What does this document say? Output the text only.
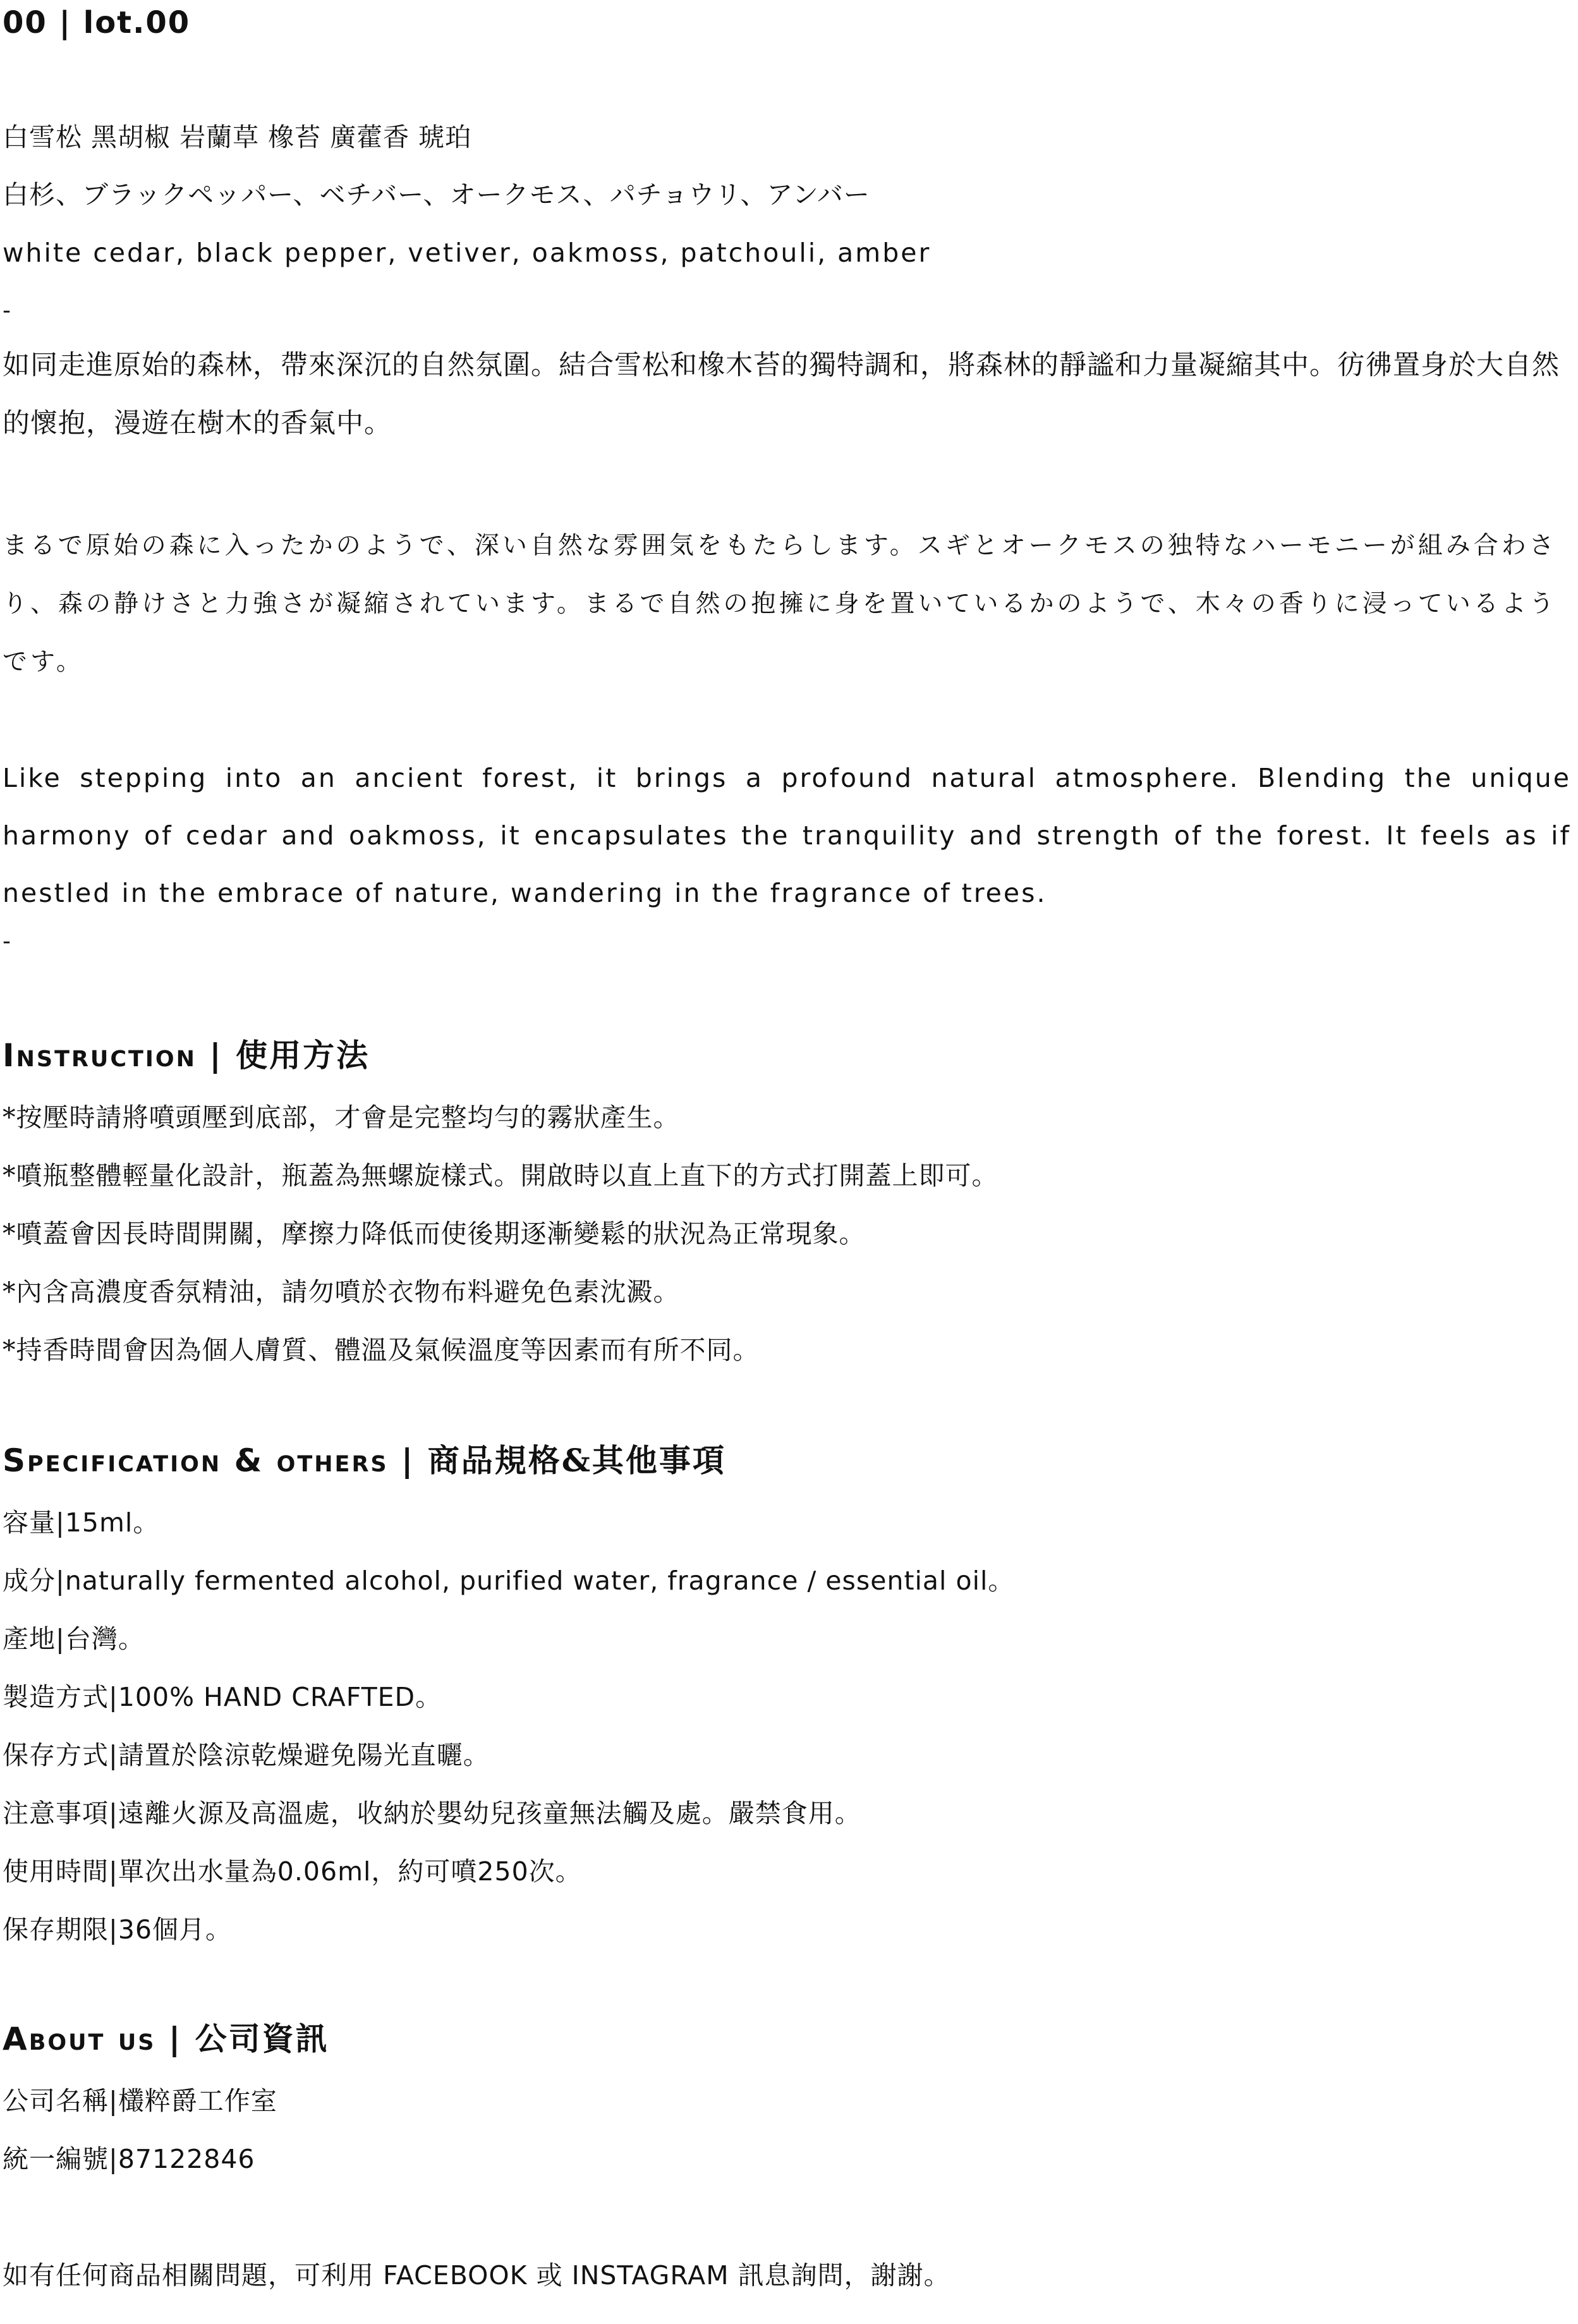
00 | lot.00
白雪松 黑胡椒 岩蘭草 橡苔 廣藿香 琥珀
白杉、ブラックペッパー、ベチバー、オークモス、パチョウリ、アンバー
white cedar, black pepper, vetiver, oakmoss, patchouli, amber
-
如同走進原始的森林，帶來深沉的自然氛圍。結合雪松和橡木苔的獨特調和，將森林的靜謐和力量凝縮其中。彷彿置身於大自然的懷抱，漫遊在樹木的香氣中。
まるで原始の森に入ったかのようで、深い自然な雰囲気をもたらします。スギとオークモスの独特なハーモニーが組み合わさり、森の静けさと力強さが凝縮されています。まるで自然の抱擁に身を置いているかのようで、木々の香りに浸っているようです。
Like stepping into an ancient forest, it brings a profound natural atmosphere. Blending the unique harmony of cedar and oakmoss, it encapsulates the tranquility and strength of the forest. It feels as if nestled in the embrace of nature, wandering in the fragrance of trees.
-
Instruction | 使用方法
*按壓時請將噴頭壓到底部，才會是完整均勻的霧狀產生。
*噴瓶整體輕量化設計，瓶蓋為無螺旋樣式。開啟時以直上直下的方式打開蓋上即可。
*噴蓋會因長時間開關，摩擦力降低而使後期逐漸變鬆的狀況為正常現象。
*內含高濃度香氛精油，請勿噴於衣物布料避免色素沈澱。
*持香時間會因為個人膚質、體溫及氣候溫度等因素而有所不同。
Specification & others | 商品規格&其他事項
容量|15ml。
成分|naturally fermented alcohol, purified water, fragrance / essential oil。
產地|台灣。
製造方式|100% HAND CRAFTED。
保存方式|請置於陰涼乾燥避免陽光直曬。
注意事項|遠離火源及高溫處，收納於嬰幼兒孩童無法觸及處。嚴禁食用。
使用時間|單次出水量為0.06ml，約可噴250次。
保存期限|36個月。
About us | 公司資訊
公司名稱|欉粹爵工作室
統一編號|87122846
如有任何商品相關問題，可利用 FACEBOOK 或 INSTAGRAM 訊息詢問，謝謝。
